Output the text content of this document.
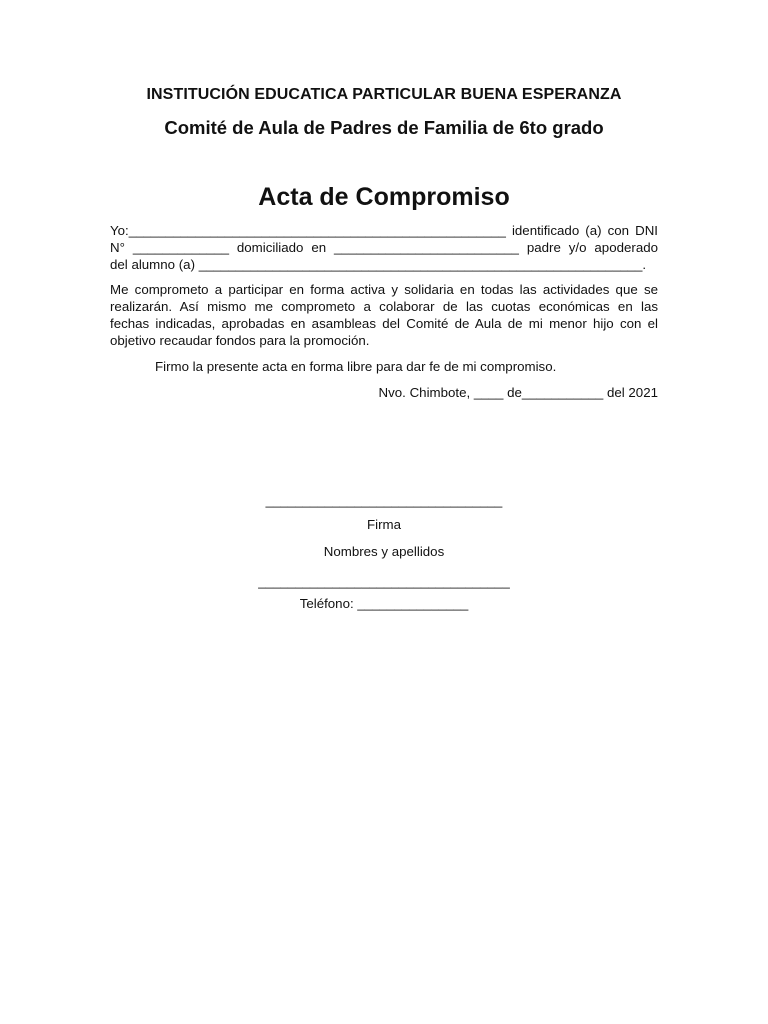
INSTITUCIÓN EDUCATICA PARTICULAR BUENA ESPERANZA
Comité de Aula de Padres de Familia de 6to grado
Acta de Compromiso
Yo:___________________________________________________ identificado (a) con DNI
N° _____________ domiciliado en _________________________ padre y/o apoderado
del alumno (a) ____________________________________________________________.
Me comprometo a participar en forma activa y solidaria en todas las actividades que se
realizarán. Así mismo me comprometo a colaborar de las cuotas económicas en las
fechas indicadas, aprobadas en asambleas del Comité de Aula de mi menor hijo con el
objetivo recaudar fondos para la promoción.
Firmo la presente acta en forma libre para dar fe de mi compromiso.
Nvo. Chimbote, ____ de___________ del 2021
________________________________
Firma
Nombres y apellidos
__________________________________
Teléfono: _______________
